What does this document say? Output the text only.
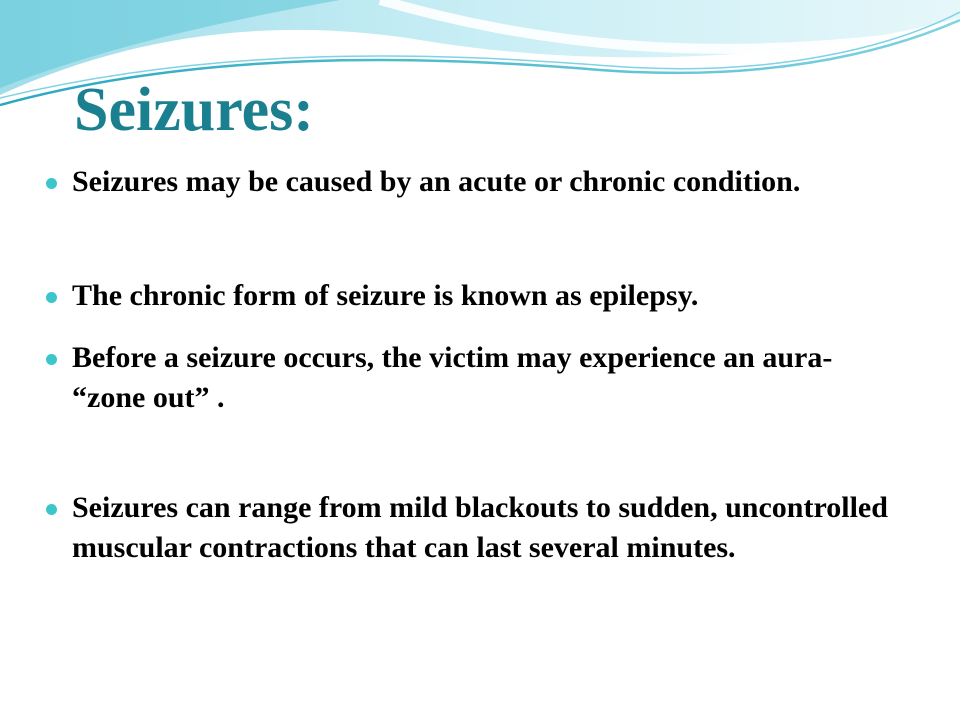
Seizures:
Seizures may be caused by an acute or chronic condition.
The chronic form of seizure is known as epilepsy.
Before a seizure occurs, the victim may experience an aura- “zone out” .
Seizures can range from mild blackouts to sudden, uncontrolled muscular contractions that can last several minutes.
